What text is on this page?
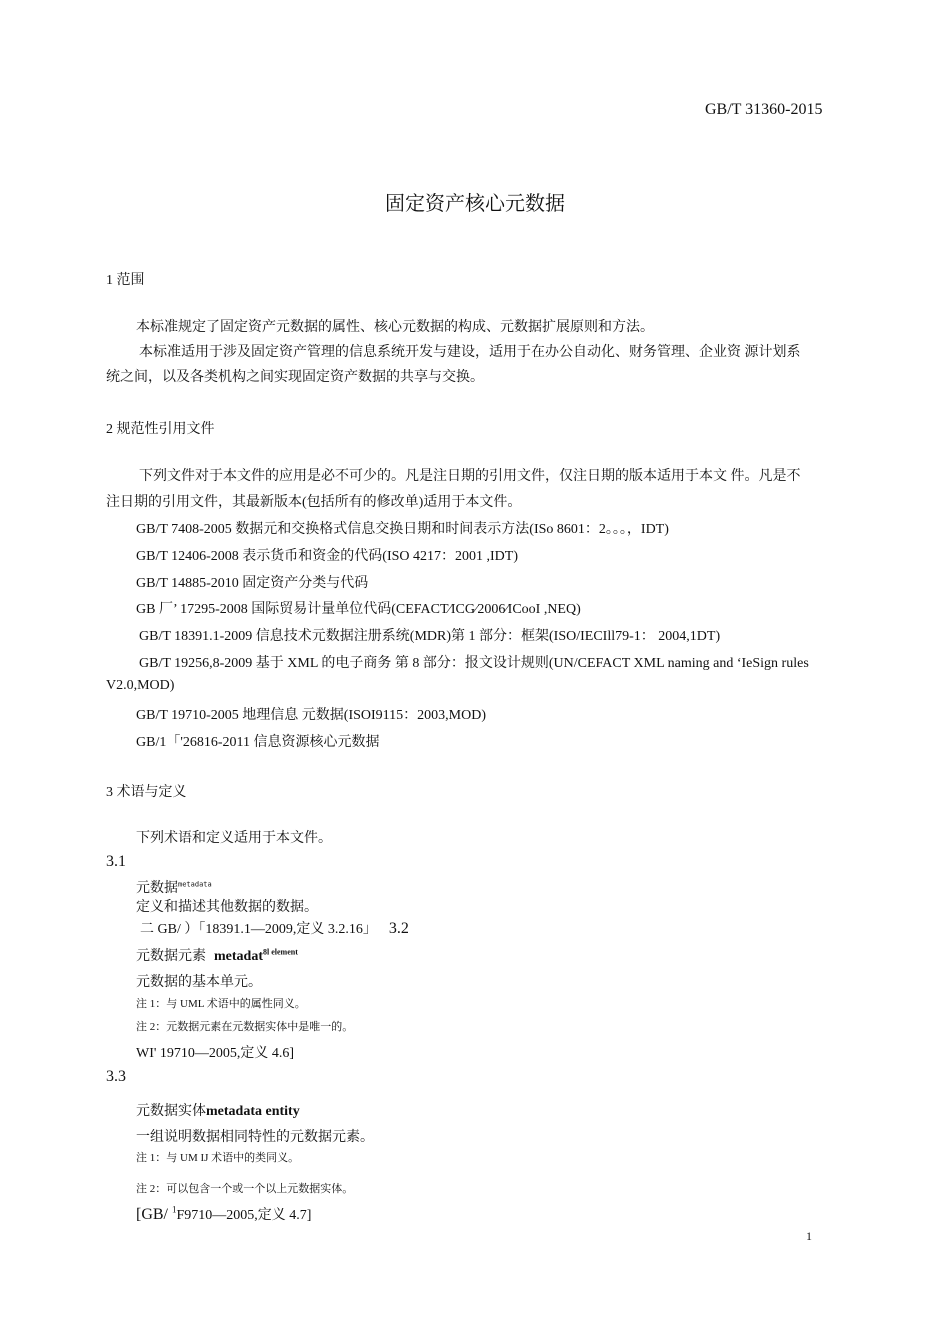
GB/T 31360-2015
固定资产核心元数据
1 范围
本标准规定了固定资产元数据的属性、核心元数据的构成、元数据扩展原则和方法。
本标准适用于涉及固定资产管理的信息系统开发与建设，适用于在办公自动化、财务管理、企业资 源计划系
统之间，以及各类机构之间实现固定资产数据的共享与交换。
2 规范性引用文件
下列文件对于本文件的应用是必不可少的。凡是注日期的引用文件，仅注日期的版本适用于本文 件。凡是不
注日期的引用文件，其最新版本(包括所有的修改单)适用于本文件。
GB/T 7408-2005 数据元和交换格式信息交换日期和时间表示方法(ISo 8601：2。。。，IDT)
GB/T 12406-2008 表示货币和资金的代码(ISO 4217：2001 ,IDT)
GB/T 14885-2010 固定资产分类与代码
GB 厂’ 17295-2008 国际贸易计量单位代码(CEFACT⁄ICG⁄2006⁄ICooI ,NEQ)
GB/T 18391.1-2009 信息技术元数据注册系统(MDR)第 1 部分：框架(ISO/IECIll79-1： 2004,1DT)
GB/T 19256,8-2009 基于 XML 的电子商务 第 8 部分：报文设计规则(UN/CEFACT XML naming and ‘IeSign rules
V2.0,MOD)
GB/T 19710-2005 地理信息 元数据(ISOI9115：2003,MOD)
GB/1「'26816-2011 信息资源核心元数据
3 术语与定义
下列术语和定义适用于本文件。
3.1
元数据$^{metadata}$
定义和描述其他数据的数据。
二 GB/ ）「18391.1—2009,定义 3.2.16」 3.2
元数据元素 metadat$^{8l element}$
元数据的基本单元。
注 1：与 UML 术语中的属性同义。
注 2：元数据元素在元数据实体中是唯一的。
WI' 19710—2005,定义 4.6]
3.3
元数据实体metadata entity
一组说明数据相同特性的元数据元素。
注 1：与 UM IJ 术语中的类同义。
注 2：可以包含一个或一个以上元数据实体。
[GB/ $^1$F9710—2005,定义 4.7]
1
